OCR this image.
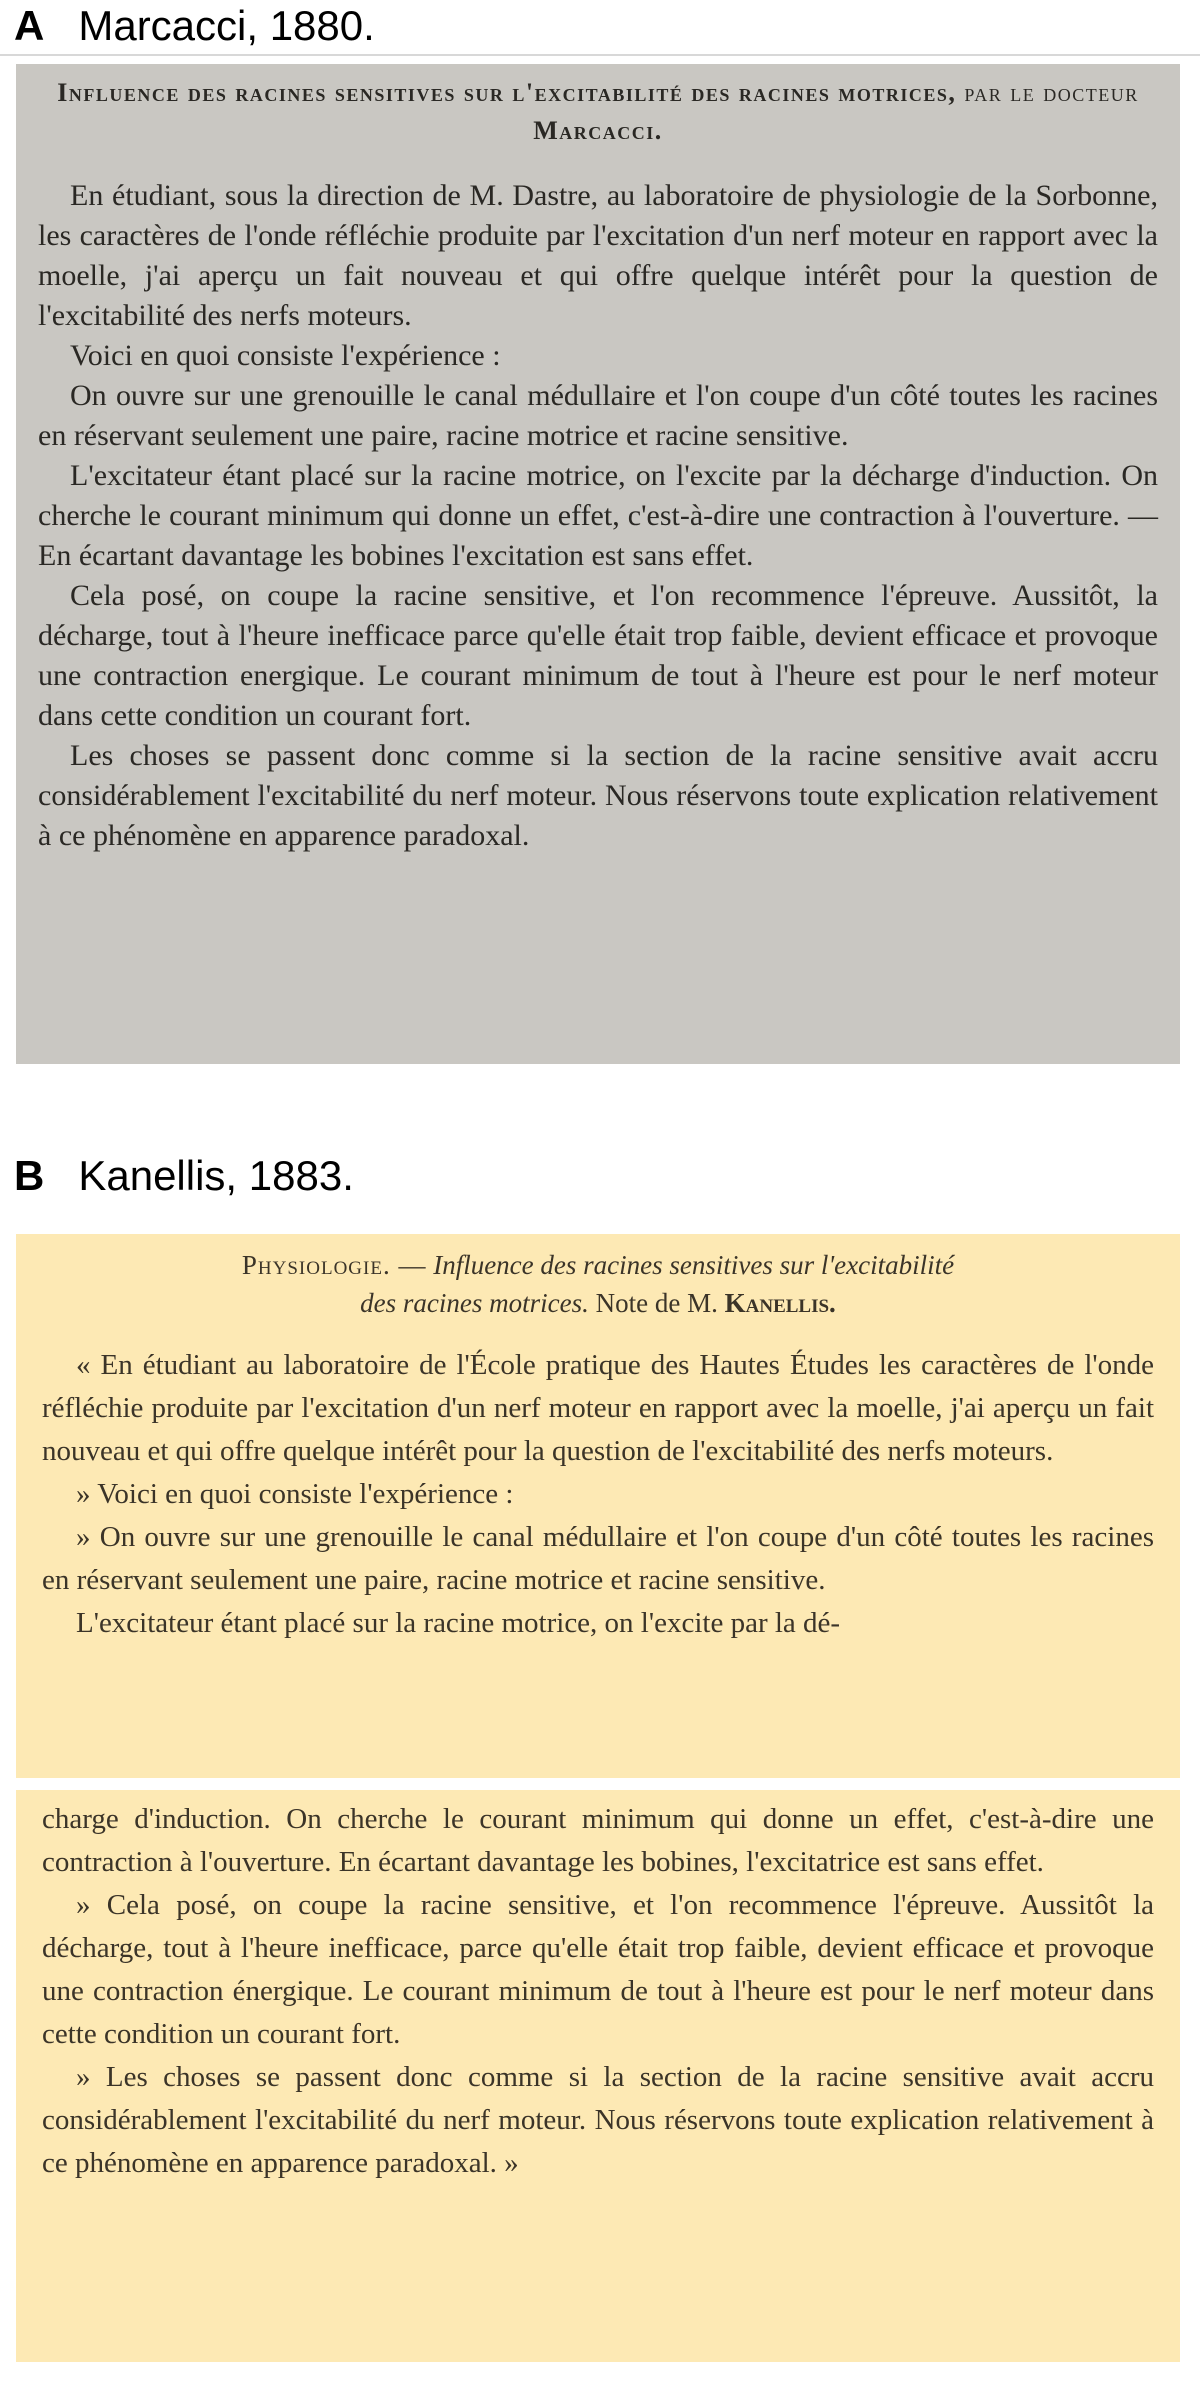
A Marcacci, 1880.
Influence des racines sensitives sur l'excitabilité des racines motrices, par le docteur Marcacci.

En étudiant, sous la direction de M. Dastre, au laboratoire de physiologie de la Sorbonne, les caractères de l'onde réfléchie produite par l'excitation d'un nerf moteur en rapport avec la moelle, j'ai aperçu un fait nouveau et qui offre quelque intérêt pour la question de l'excitabilité des nerfs moteurs.

Voici en quoi consiste l'expérience :

On ouvre sur une grenouille le canal médullaire et l'on coupe d'un côté toutes les racines en réservant seulement une paire, racine motrice et racine sensitive.

L'excitateur étant placé sur la racine motrice, on l'excite par la décharge d'induction. On cherche le courant minimum qui donne un effet, c'est-à-dire une contraction à l'ouverture. — En écartant davantage les bobines l'excitation est sans effet.

Cela posé, on coupe la racine sensitive, et l'on recommence l'épreuve. Aussitôt, la décharge, tout à l'heure inefficace parce qu'elle était trop faible, devient efficace et provoque une contraction energique. Le courant minimum de tout à l'heure est pour le nerf moteur dans cette condition un courant fort.

Les choses se passent donc comme si la section de la racine sensitive avait accru considérablement l'excitabilité du nerf moteur. Nous réservons toute explication relativement à ce phénomène en apparence paradoxal.

B Kanellis, 1883.
Physiologie. — Influence des racines sensitives sur l'excitabilité
des racines motrices. Note de M. Kanellis.

« En étudiant au laboratoire de l'École pratique des Hautes Études les caractères de l'onde réfléchie produite par l'excitation d'un nerf moteur en rapport avec la moelle, j'ai aperçu un fait nouveau et qui offre quelque intérêt pour la question de l'excitabilité des nerfs moteurs.

» Voici en quoi consiste l'expérience :

» On ouvre sur une grenouille le canal médullaire et l'on coupe d'un côté toutes les racines en réservant seulement une paire, racine motrice et racine sensitive.

L'excitateur étant placé sur la racine motrice, on l'excite par la dé-

charge d'induction. On cherche le courant minimum qui donne un effet, c'est-à-dire une contraction à l'ouverture. En écartant davantage les bobines, l'excitatrice est sans effet.

» Cela posé, on coupe la racine sensitive, et l'on recommence l'épreuve. Aussitôt la décharge, tout à l'heure inefficace, parce qu'elle était trop faible, devient efficace et provoque une contraction énergique. Le courant minimum de tout à l'heure est pour le nerf moteur dans cette condition un courant fort.

» Les choses se passent donc comme si la section de la racine sensitive avait accru considérablement l'excitabilité du nerf moteur. Nous réservons toute explication relativement à ce phénomène en apparence paradoxal. »
